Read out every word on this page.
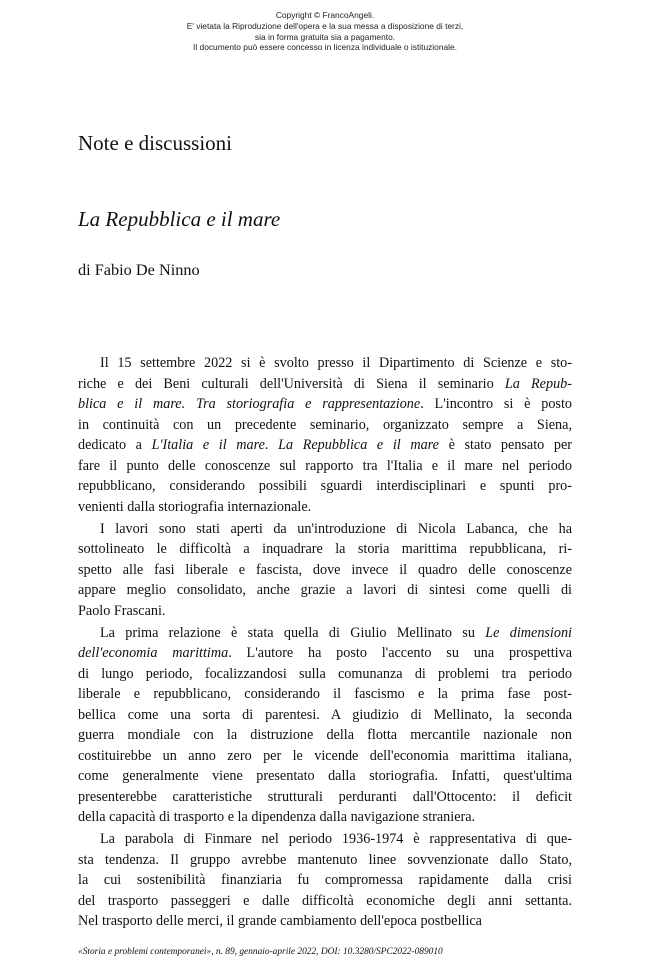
Copyright © FrancoAngeli.
E' vietata la Riproduzione dell'opera e la sua messa a disposizione di terzi,
sia in forma gratuita sia a pagamento.
Il documento può essere concesso in licenza individuale o istituzionale.
Note e discussioni
La Repubblica e il mare
di Fabio De Ninno
Il 15 settembre 2022 si è svolto presso il Dipartimento di Scienze e sto-
riche e dei Beni culturali dell'Università di Siena il seminario La Repub-
blica e il mare. Tra storiografia e rappresentazione. L'incontro si è posto
in continuità con un precedente seminario, organizzato sempre a Siena,
dedicato a L'Italia e il mare. La Repubblica e il mare è stato pensato per
fare il punto delle conoscenze sul rapporto tra l'Italia e il mare nel periodo
repubblicano, considerando possibili sguardi interdisciplinari e spunti pro-
venienti dalla storiografia internazionale.
I lavori sono stati aperti da un'introduzione di Nicola Labanca, che ha
sottolineato le difficoltà a inquadrare la storia marittima repubblicana, ri-
spetto alle fasi liberale e fascista, dove invece il quadro delle conoscenze
appare meglio consolidato, anche grazie a lavori di sintesi come quelli di
Paolo Frascani.
La prima relazione è stata quella di Giulio Mellinato su Le dimensioni
dell'economia marittima. L'autore ha posto l'accento su una prospettiva
di lungo periodo, focalizzandosi sulla comunanza di problemi tra periodo
liberale e repubblicano, considerando il fascismo e la prima fase post-
bellica come una sorta di parentesi. A giudizio di Mellinato, la seconda
guerra mondiale con la distruzione della flotta mercantile nazionale non
costituirebbe un anno zero per le vicende dell'economia marittima italiana,
come generalmente viene presentato dalla storiografia. Infatti, quest'ultima
presenterebbe caratteristiche strutturali perduranti dall'Ottocento: il deficit
della capacità di trasporto e la dipendenza dalla navigazione straniera.
La parabola di Finmare nel periodo 1936-1974 è rappresentativa di que-
sta tendenza. Il gruppo avrebbe mantenuto linee sovvenzionate dallo Stato,
la cui sostenibilità finanziaria fu compromessa rapidamente dalla crisi
del trasporto passeggeri e dalle difficoltà economiche degli anni settanta.
Nel trasporto delle merci, il grande cambiamento dell'epoca postbellica
«Storia e problemi contemporanei», n. 89, gennaio-aprile 2022, DOI: 10.3280/SPC2022-089010
